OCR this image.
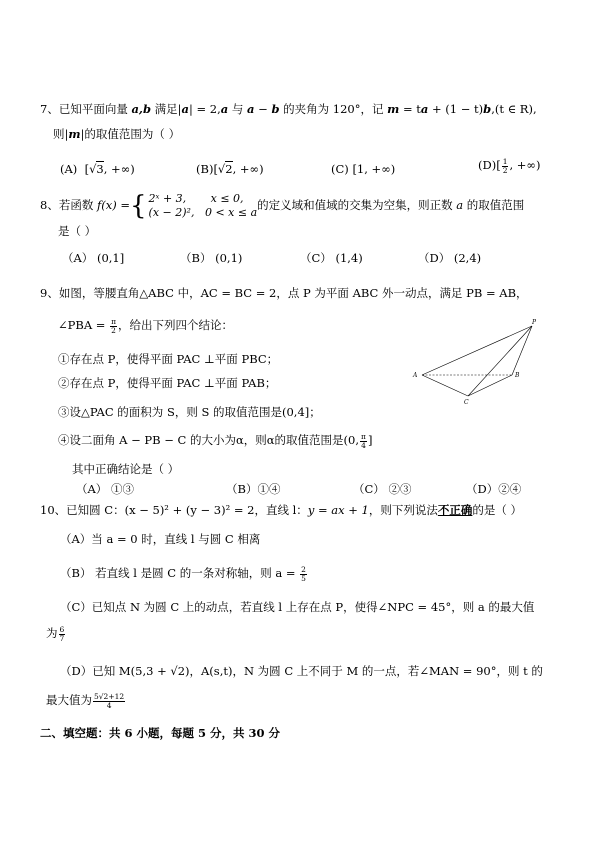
7、已知平面向量 a,b 满足|a| = 2,a 与 a − b 的夹角为 120°，记 m = ta + (1 − t)b,(t ∈ R),
则|m|的取值范围为（ ）
(A) [√3, +∞)	(B)[√2, +∞)	(C) [1, +∞)	$(D)[ \frac{1}{2}$ , +∞)
8、若函数 f(x) = { 2ˣ + 3, x ≤ 0,
(x − 2)², 0 < x ≤ a
的定义域和值域的交集为空集，则正数 a 的取值范围
是（ ）
（A） (0,1]	（B） (0,1)	（C） (1,4)	（D） (2,4)
9、如图，等腰直角△ABC 中，AC = BC = 2，点 P 为平面 ABC 外一动点，满足 PB = AB，
∠PBA = $\frac{\pi}{2}$ ，给出下列四个结论：
①存在点 P，使得平面 PAC ⊥平面 PBC；
②存在点 P，使得平面 PAC ⊥平面 PAB；
③设△PAC 的面积为 S，则 S 的取值范围是(0,4]；
④设二面角 A − PB − C 的大小为α，则α的取值范围是(0, $\frac{\pi}{4}$ ]
其中正确结论是（ ）
（A） ①③	（B）①④	（C） ②③	（D）②④
P
A	B
C
10、已知圆 C：(x − 5)² + (y − 3)² = 2，直线 l：y = ax + 1，则下列说法不正确的是（ ）
（A）当 a = 0 时，直线 l 与圆 C 相离
（B） 若直线 l 是圆 C 的一条对称轴，则 $a = \frac{2}{5}$
（C）已知点 N 为圆 C 上的动点，若直线 l 上存在点 P，使得∠NPC = 45°，则 a 的最大值
为 $\frac{6}{7}$
（D）已知 M(5,3 + √2)，A(s,t)，N 为圆 C 上不同于 M 的一点，若∠MAN = 90°，则 t 的
最大值为 $\frac{5√2+12}{4}$
二、填空题：共 6 小题，每题 5 分，共 30 分
